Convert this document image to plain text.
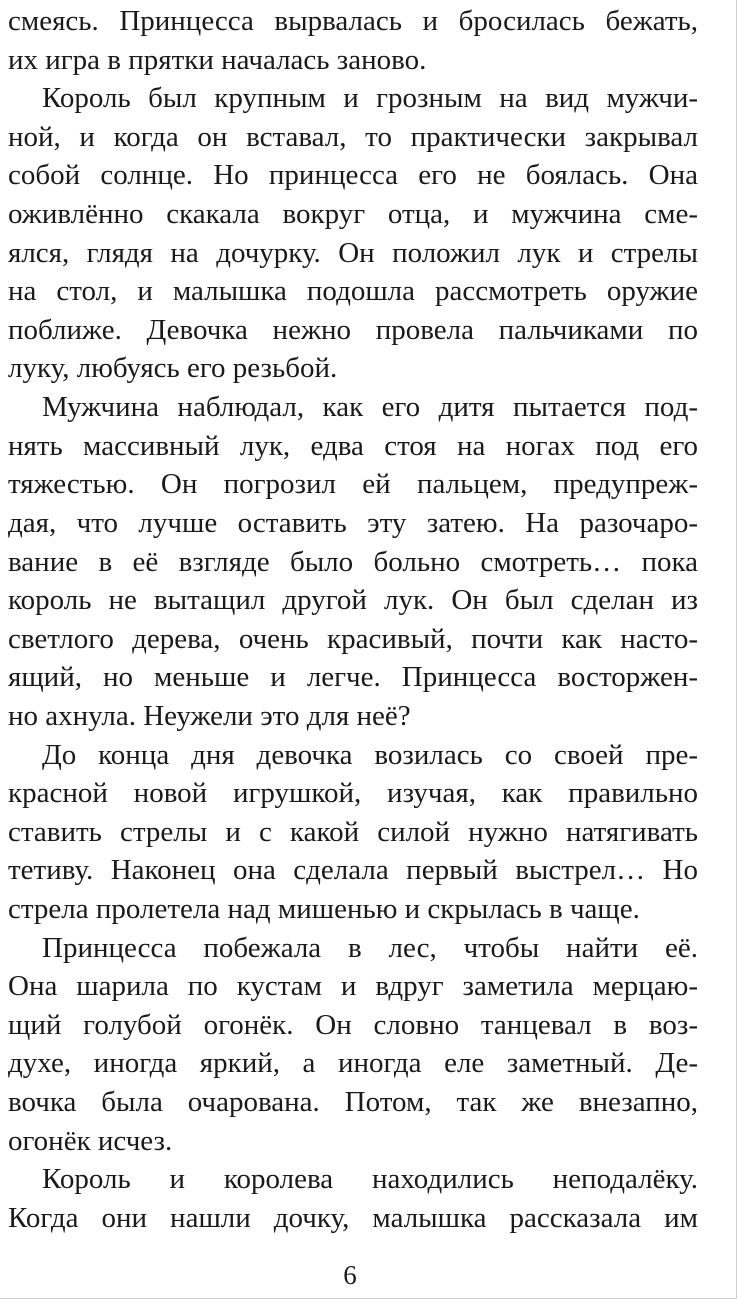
смеясь. Принцесса вырвалась и бросилась бежать,
их игра в прятки началась заново.
Король был крупным и грозным на вид мужчи-
ной, и когда он вставал, то практически закрывал
собой солнце. Но принцесса его не боялась. Она
оживлённо скакала вокруг отца, и мужчина сме-
ялся, глядя на дочурку. Он положил лук и стрелы
на стол, и малышка подошла рассмотреть оружие
поближе. Девочка нежно провела пальчиками по
луку, любуясь его резьбой.
Мужчина наблюдал, как его дитя пытается под-
нять массивный лук, едва стоя на ногах под его
тяжестью. Он погрозил ей пальцем, предупреж-
дая, что лучше оставить эту затею. На разочаро-
вание в её взгляде было больно смотреть… пока
король не вытащил другой лук. Он был сделан из
светлого дерева, очень красивый, почти как насто-
ящий, но меньше и легче. Принцесса восторжен-
но ахнула. Неужели это для неё?
До конца дня девочка возилась со своей пре-
красной новой игрушкой, изучая, как правильно
ставить стрелы и с какой силой нужно натягивать
тетиву. Наконец она сделала первый выстрел… Но
стрела пролетела над мишенью и скрылась в чаще.
Принцесса побежала в лес, чтобы найти её.
Она шарила по кустам и вдруг заметила мерцаю-
щий голубой огонёк. Он словно танцевал в воз-
духе, иногда яркий, а иногда еле заметный. Де-
вочка была очарована. Потом, так же внезапно,
огонёк исчез.
Король и королева находились неподалёку.
Когда они нашли дочку, малышка рассказала им
6
